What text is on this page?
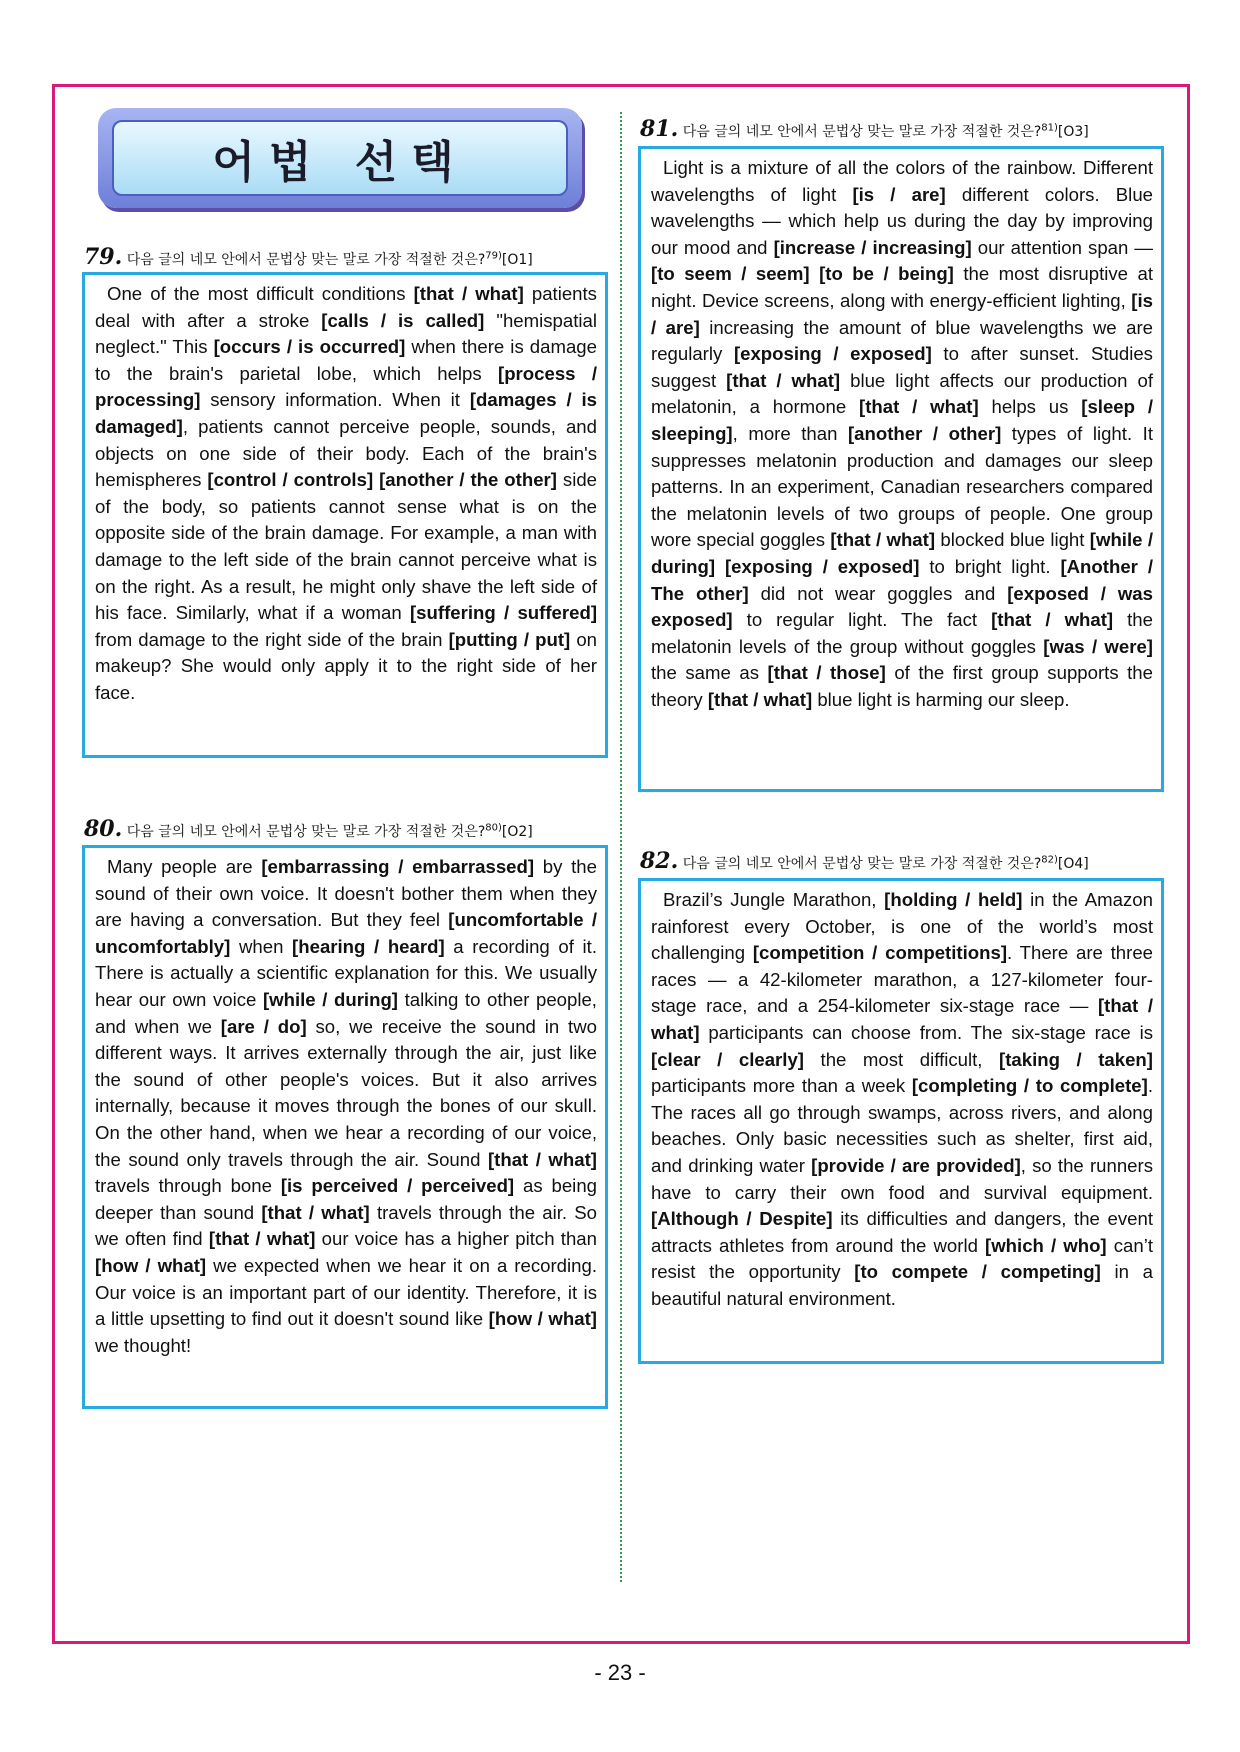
어법 선택
79. 다음 글의 네모 안에서 문법상 맞는 말로 가장 적절한 것은?$^{79)}$[O1]

One of the most difficult conditions [that / what] patients deal with after a stroke [calls / is called] "hemispatial neglect." This [occurs / is occurred] when there is damage to the brain's parietal lobe, which helps [process / processing] sensory information. When it [damages / is damaged], patients cannot perceive people, sounds, and objects on one side of their body. Each of the brain's hemispheres [control / controls] [another / the other] side of the body, so patients cannot sense what is on the opposite side of the brain damage. For example, a man with damage to the left side of the brain cannot perceive what is on the right. As a result, he might only shave the left side of his face. Similarly, what if a woman [suffering / suffered] from damage to the right side of the brain [putting / put] on makeup? She would only apply it to the right side of her face.

80. 다음 글의 네모 안에서 문법상 맞는 말로 가장 적절한 것은?$^{80)}$[O2]

Many people are [embarrassing / embarrassed] by the sound of their own voice. It doesn't bother them when they are having a conversation. But they feel [uncomfortable / uncomfortably] when [hearing / heard] a recording of it. There is actually a scientific explanation for this. We usually hear our own voice [while / during] talking to other people, and when we [are / do] so, we receive the sound in two different ways. It arrives externally through the air, just like the sound of other people's voices. But it also arrives internally, because it moves through the bones of our skull. On the other hand, when we hear a recording of our voice, the sound only travels through the air. Sound [that / what] travels through bone [is perceived / perceived] as being deeper than sound [that / what] travels through the air. So we often find [that / what] our voice has a higher pitch than [how / what] we expected when we hear it on a recording. Our voice is an important part of our identity. Therefore, it is a little upsetting to find out it doesn't sound like [how / what] we thought!

81. 다음 글의 네모 안에서 문법상 맞는 말로 가장 적절한 것은?$^{81)}$[O3]

Light is a mixture of all the colors of the rainbow. Different wavelengths of light [is / are] different colors. Blue wavelengths — which help us during the day by improving our mood and [increase / increasing] our attention span — [to seem / seem] [to be / being] the most disruptive at night. Device screens, along with energy-efficient lighting, [is / are] increasing the amount of blue wavelengths we are regularly [exposing / exposed] to after sunset. Studies suggest [that / what] blue light affects our production of melatonin, a hormone [that / what] helps us [sleep / sleeping], more than [another / other] types of light. It suppresses melatonin production and damages our sleep patterns. In an experiment, Canadian researchers compared the melatonin levels of two groups of people. One group wore special goggles [that / what] blocked blue light [while / during] [exposing / exposed] to bright light. [Another / The other] did not wear goggles and [exposed / was exposed] to regular light. The fact [that / what] the melatonin levels of the group without goggles [was / were] the same as [that / those] of the first group supports the theory [that / what] blue light is harming our sleep.

82. 다음 글의 네모 안에서 문법상 맞는 말로 가장 적절한 것은?$^{82)}$[O4]

Brazil’s Jungle Marathon, [holding / held] in the Amazon rainforest every October, is one of the world’s most challenging [competition / competitions]. There are three races — a 42-kilometer marathon, a 127-kilometer four-stage race, and a 254-kilometer six-stage race — [that / what] participants can choose from. The six-stage race is [clear / clearly] the most difficult, [taking / taken] participants more than a week [completing / to complete]. The races all go through swamps, across rivers, and along beaches. Only basic necessities such as shelter, first aid, and drinking water [provide / are provided], so the runners have to carry their own food and survival equipment. [Although / Despite] its difficulties and dangers, the event attracts athletes from around the world [which / who] can’t resist the opportunity [to compete / competing] in a beautiful natural environment.

- 23 -
